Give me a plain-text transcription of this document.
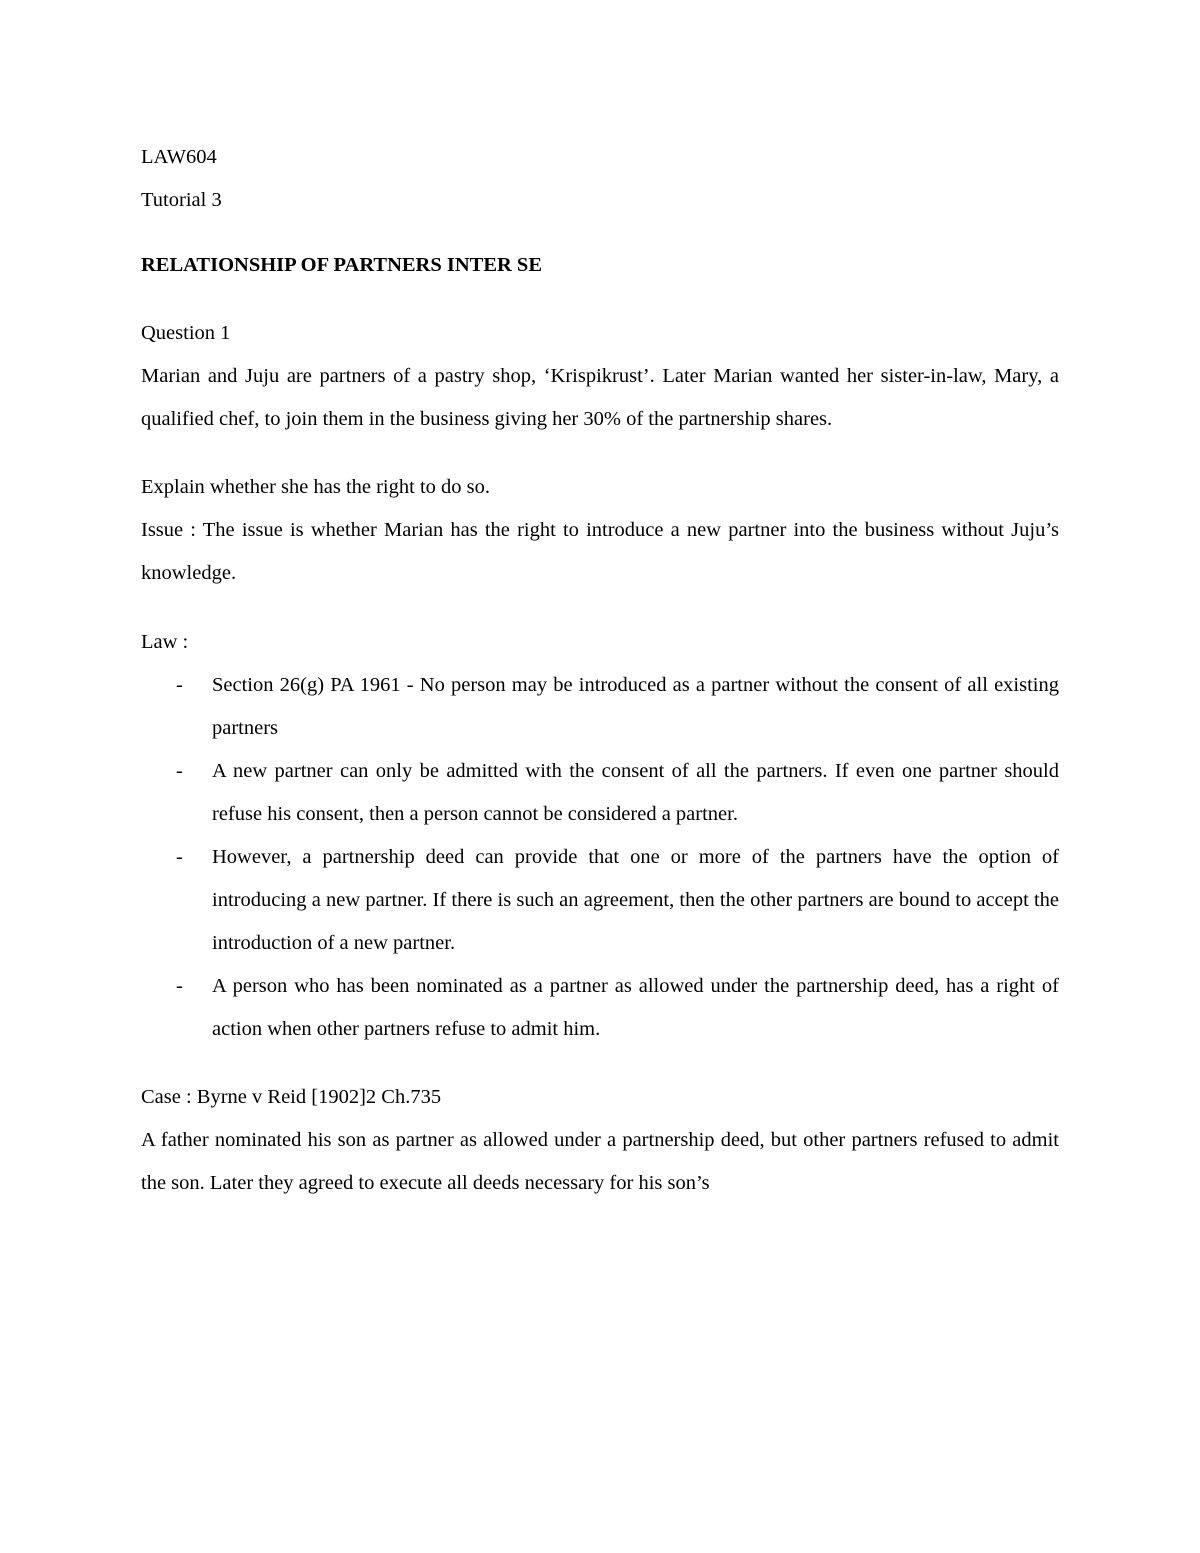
LAW604

Tutorial 3

RELATIONSHIP OF PARTNERS INTER SE

Question 1

Marian and Juju are partners of a pastry shop, ‘Krispikrust’. Later Marian wanted her sister-in-law, Mary, a qualified chef, to join them in the business giving her 30% of the partnership shares.

Explain whether she has the right to do so.

Issue : The issue is whether Marian has the right to introduce a new partner into the business without Juju’s knowledge.

Law :

- Section 26(g) PA 1961 - No person may be introduced as a partner without the consent of all existing partners
- A new partner can only be admitted with the consent of all the partners. If even one partner should refuse his consent, then a person cannot be considered a partner.
- However, a partnership deed can provide that one or more of the partners have the option of introducing a new partner. If there is such an agreement, then the other partners are bound to accept the introduction of a new partner.
- A person who has been nominated as a partner as allowed under the partnership deed, has a right of action when other partners refuse to admit him.

Case : Byrne v Reid [1902]2 Ch.735

A father nominated his son as partner as allowed under a partnership deed, but other partners refused to admit the son. Later they agreed to execute all deeds necessary for his son’s
